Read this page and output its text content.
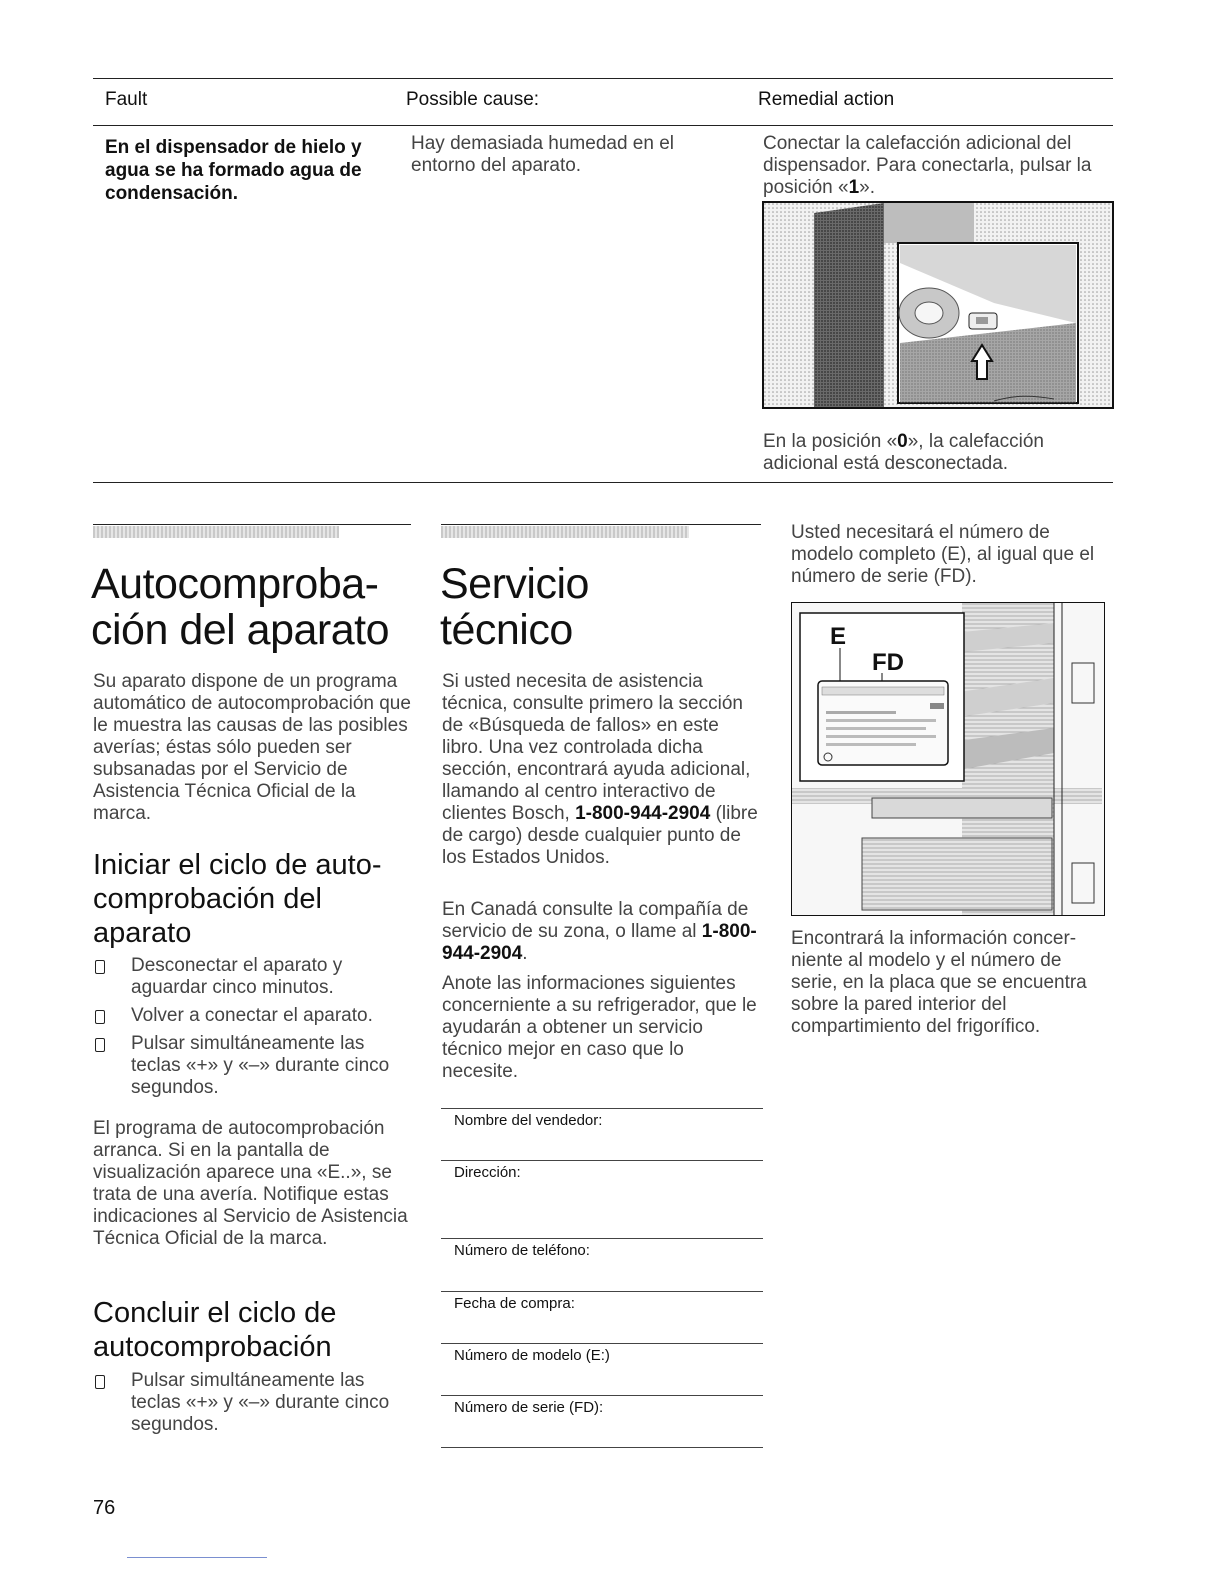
Fault	Possible cause:	Remedial action
En el dispensador de hielo y agua se ha formado agua de condensación.
Hay demasiada humedad en el entorno del aparato.
Conectar la calefacción adicional del dispensador. Para conectarla, pulsar la posición «1».
En la posición «0», la calefacción adicional está desconectada.
Autocomproba-
ción del aparato
Su aparato dispone de un programa automático de autocomprobación que le muestra las causas de las posibles averías; éstas sólo pueden ser subsanadas por el Servicio de Asistencia Técnica Oficial de la marca.
Iniciar el ciclo de auto-comprobación del aparato
Desconectar el aparato y aguardar cinco minutos.
Volver a conectar el aparato.
Pulsar simultáneamente las teclas «+» y «–» durante cinco segundos.
El programa de autocomprobación arranca. Si en la pantalla de visualización aparece una «E..», se trata de una avería. Notifique estas indicaciones al Servicio de Asistencia Técnica Oficial de la marca.
Concluir el ciclo de autocomprobación
Pulsar simultáneamente las teclas «+» y «–» durante cinco segundos.
Servicio
técnico
Si usted necesita de asistencia técnica, consulte primero la sección de «Búsqueda de fallos» en este libro. Una vez controlada dicha sección, encontrará ayuda adicional, llamando al centro interactivo de clientes Bosch, 1-800-944-2904 (libre de cargo) desde cualquier punto de los Estados Unidos.
En Canadá consulte la compañía de servicio de su zona, o llame al 1-800-944-2904.
Anote las informaciones siguientes concerniente a su refrigerador, que le ayudarán a obtener un servicio técnico mejor en caso que lo necesite.
Nombre del vendedor:
Dirección:
Número de teléfono:
Fecha de compra:
Número de modelo (E:)
Número de serie (FD):
Usted necesitará el número de modelo completo (E), al igual que el número de serie (FD).
E
FD
Encontrará la información concer-niente al modelo y el número de serie, en la placa que se encuentra sobre la pared interior del compartimiento del frigorífico.
76
